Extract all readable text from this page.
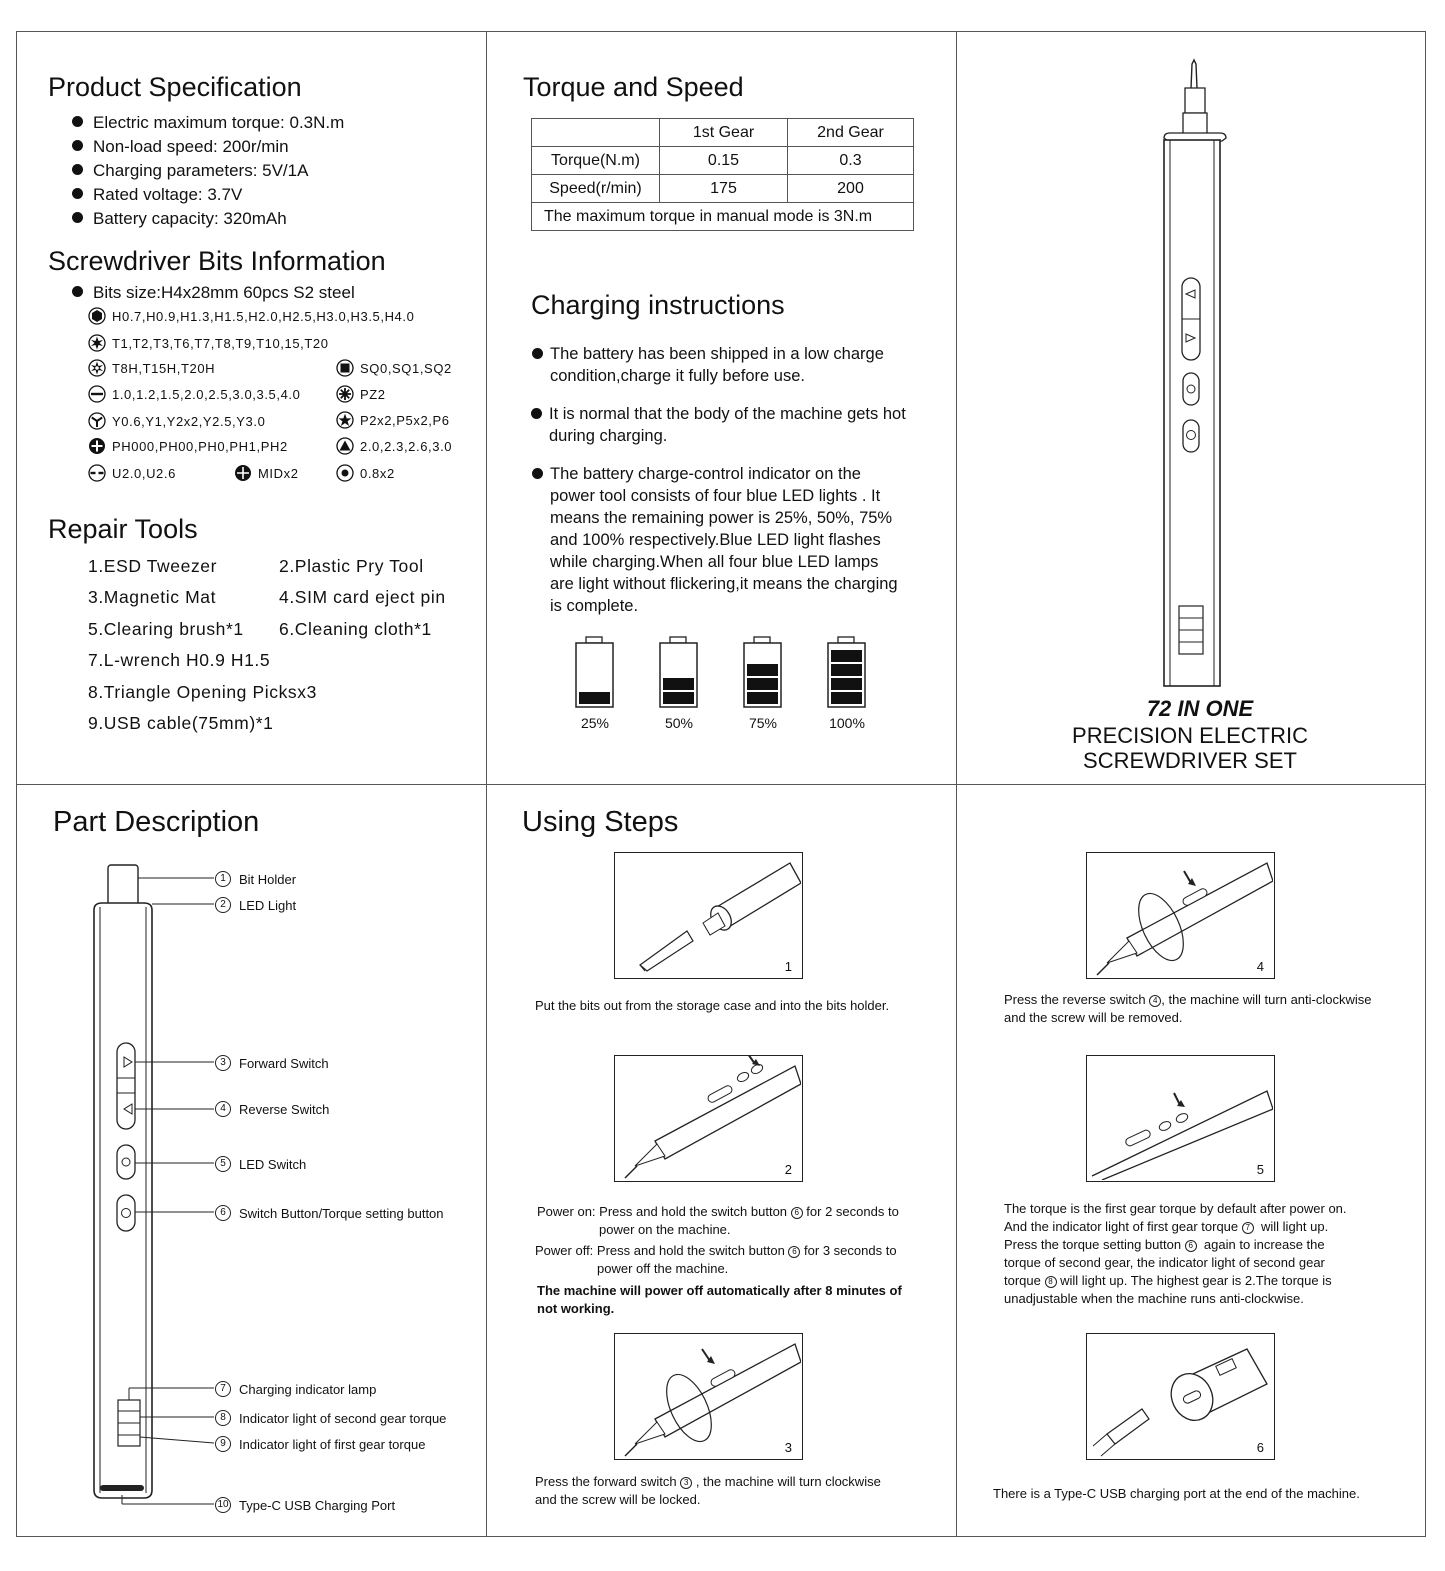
Product Specification
Electric maximum torque: 0.3N.m
Non-load speed: 200r/min
Charging parameters: 5V/1A
Rated voltage: 3.7V
Battery capacity: 320mAh
Screwdriver Bits Information
Bits size:H4x28mm 60pcs S2 steel
H0.7,H0.9,H1.3,H1.5,H2.0,H2.5,H3.0,H3.5,H4.0
T1,T2,T3,T6,T7,T8,T9,T10,15,T20
T8H,T15H,T20H	SQ0,SQ1,SQ2
1.0,1.2,1.5,2.0,2.5,3.0,3.5,4.0	PZ2
Y0.6,Y1,Y2x2,Y2.5,Y3.0	P2x2,P5x2,P6
PH000,PH00,PH0,PH1,PH2	2.0,2.3,2.6,3.0
U2.0,U2.6	MIDx2	0.8x2
Repair Tools
1.ESD Tweezer	2.Plastic Pry Tool
3.Magnetic Mat	4.SIM card eject pin
5.Clearing brush*1 6.Cleaning cloth*1
7.L-wrench H0.9 H1.5
8.Triangle Opening Picksx3
9.USB cable(75mm)*1
Torque and Speed
	1st Gear	2nd Gear
Torque(N.m)	0.15	0.3
Speed(r/min)	175	200
The maximum torque in manual mode is 3N.m		
Charging instructions
The battery has been shipped in a low charge condition,charge it fully before use.
It is normal that the body of the machine gets hot during charging.
The battery charge-control indicator on the power tool consists of four blue LED lights . It means the remaining power is 25%, 50%, 75% and 100% respectively.Blue LED light flashes while charging.When all four blue LED lamps are light without flickering,it means the charging is complete.
25%	50%	75%	100%
72 IN ONE
PRECISION ELECTRIC
SCREWDRIVER SET
Part Description
1	Bit Holder
2	LED Light
3	Forward Switch
4	Reverse Switch
5	LED Switch
6	Switch Button/Torque setting button
7	Charging indicator lamp
8	Indicator light of second gear torque
9	Indicator light of first gear torque
10 Type-C USB Charging Port
Using Steps
1
Put the bits out from the storage case and into the bits holder.
2
Power on: Press and hold the switch button 6 for 2 seconds to
power on the machine.
Power off: Press and hold the switch button 6 for 3 seconds to
power off the machine.
The machine will power off automatically after 8 minutes of not working.
3
Press the forward switch 3 , the machine will turn clockwise
and the screw will be locked.
4
Press the reverse switch 4 , the machine will turn anti-clockwise
and the screw will be removed.
5
The torque is the first gear torque by default after power on.
And the indicator light of first gear torque 7 will light up.
Press the torque setting button 6 again to increase the
torque of second gear, the indicator light of second gear
torque 8 will light up. The highest gear is 2.The torque is
unadjustable when the machine runs anti-clockwise.
6
There is a Type-C USB charging port at the end of the machine.
